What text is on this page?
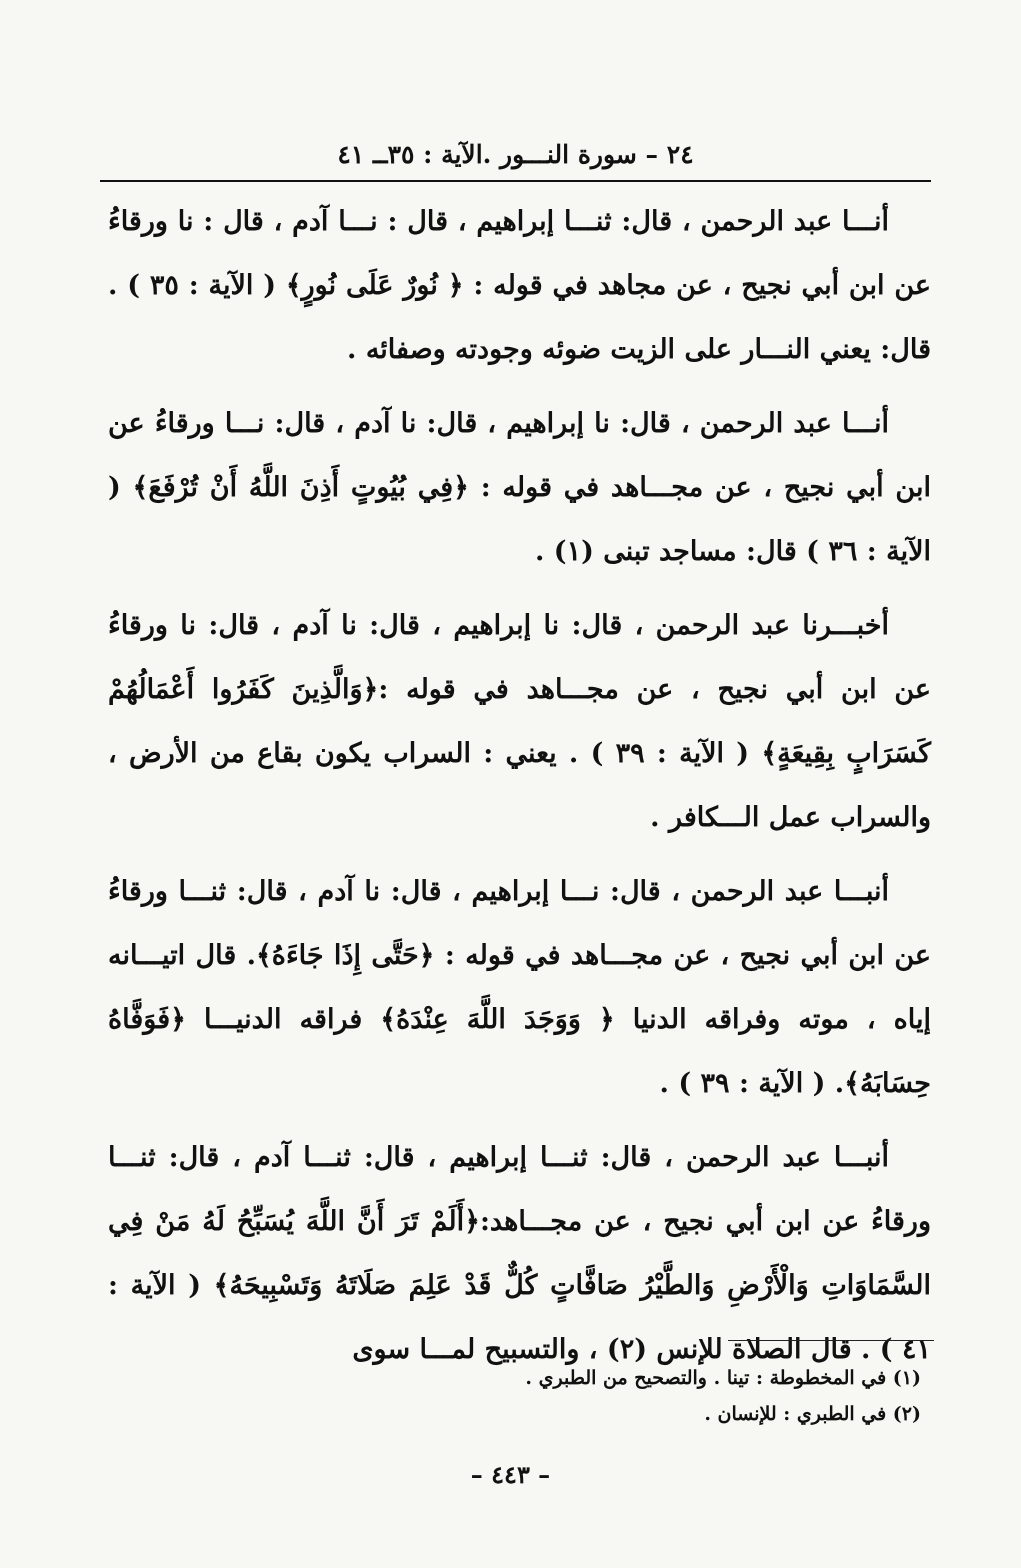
٢٤ – سورة النـــور .الآية : ٣٥ــ ٤١

أنـــا عبد الرحمن ، قال: ثنـــا إبراهيم ، قال : نـــا آدم ، قال : نا ورقاءُ عن ابن أبي نجيح ، عن مجاهد في قوله : ﴿ نُورٌ عَلَى نُورٍ﴾ ( الآية : ٣٥ ) . قال: يعني النـــار على الزيت ضوئه وجودته وصفائه .

أنـــا عبد الرحمن ، قال: نا إبراهيم ، قال: نا آدم ، قال: نـــا ورقاءُ عن ابن أبي نجيح ، عن مجـــاهد في قوله : ﴿فِي بُيُوتٍ أَذِنَ اللَّهُ أَنْ تُرْفَعَ﴾ ( الآية : ٣٦ ) قال: مساجد تبنى (١) .

أخبـــرنا عبد الرحمن ، قال: نا إبراهيم ، قال: نا آدم ، قال: نا ورقاءُ عن ابن أبي نجيح ، عن مجـــاهد في قوله :﴿وَالَّذِينَ كَفَرُوا أَعْمَالُهُمْ كَسَرَابٍ بِقِيعَةٍ﴾ ( الآية : ٣٩ ) . يعني : السراب يكون بقاع من الأرض ، والسراب عمل الـــكافر .

أنبـــا عبد الرحمن ، قال: نـــا إبراهيم ، قال: نا آدم ، قال: ثنـــا ورقاءُ عن ابن أبي نجيح ، عن مجـــاهد في قوله : ﴿حَتَّى إِذَا جَاءَهُ﴾. قال اتيـــانه إياه ، موته وفراقه الدنيا ﴿ وَوَجَدَ اللَّهَ عِنْدَهُ﴾ فراقه الدنيـــا ﴿فَوَفَّاهُ حِسَابَهُ﴾. ( الآية : ٣٩ ) .

أنبـــا عبد الرحمن ، قال: ثنـــا إبراهيم ، قال: ثنـــا آدم ، قال: ثنـــا ورقاءُ عن ابن أبي نجيح ، عن مجـــاهد:﴿أَلَمْ تَرَ أَنَّ اللَّهَ يُسَبِّحُ لَهُ مَنْ فِي السَّمَاوَاتِ وَالْأَرْضِ وَالطَّيْرُ صَافَّاتٍ كُلٌّ قَدْ عَلِمَ صَلَاتَهُ وَتَسْبِيحَهُ﴾ ( الآية : ٤١ ) . قال الصلاة للإنس (٢) ، والتسبيح لمـــا سوى

(١) في المخطوطة : تينا . والتصحيح من الطبري .

(٢) في الطبري : للإنسان .

– ٤٤٣ –
